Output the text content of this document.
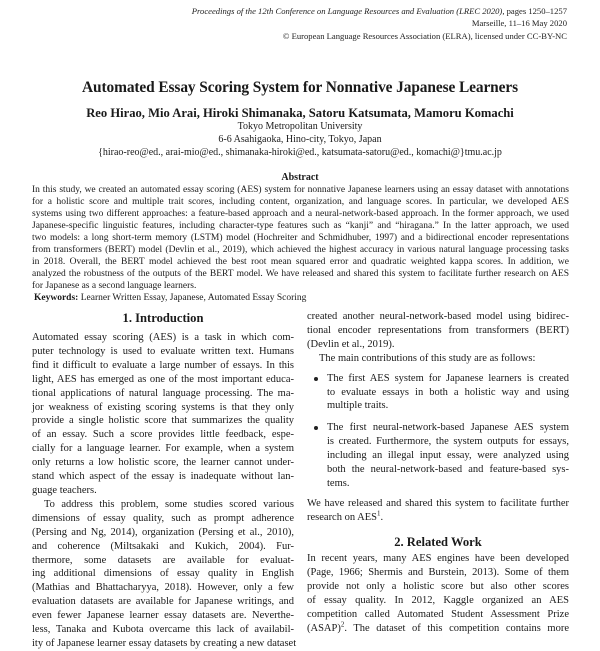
Proceedings of the 12th Conference on Language Resources and Evaluation (LREC 2020), pages 1250–1257
Marseille, 11–16 May 2020
© European Language Resources Association (ELRA), licensed under CC-BY-NC
Automated Essay Scoring System for Nonnative Japanese Learners
Reo Hirao, Mio Arai, Hiroki Shimanaka, Satoru Katsumata, Mamoru Komachi
Tokyo Metropolitan University
6-6 Asahigaoka, Hino-city, Tokyo, Japan
{hirao-reo@ed., arai-mio@ed., shimanaka-hiroki@ed., katsumata-satoru@ed., komachi@}tmu.ac.jp
Abstract
In this study, we created an automated essay scoring (AES) system for nonnative Japanese learners using an essay dataset with annotations
for a holistic score and multiple trait scores, including content, organization, and language scores. In particular, we developed AES
systems using two different approaches: a feature-based approach and a neural-network-based approach. In the former approach, we used
Japanese-specific linguistic features, including character-type features such as “kanji” and “hiragana.” In the latter approach, we used
two models: a long short-term memory (LSTM) model (Hochreiter and Schmidhuber, 1997) and a bidirectional encoder representations
from transformers (BERT) model (Devlin et al., 2019), which achieved the highest accuracy in various natural language processing tasks
in 2018. Overall, the BERT model achieved the best root mean squared error and quadratic weighted kappa scores. In addition, we
analyzed the robustness of the outputs of the BERT model. We have released and shared this system to facilitate further research on AES
for Japanese as a second language learners.
Keywords: Learner Written Essay, Japanese, Automated Essay Scoring
1. Introduction
Automated essay scoring (AES) is a task in which com-
puter technology is used to evaluate written text. Humans
find it difficult to evaluate a large number of essays. In this
light, AES has emerged as one of the most important educa-
tional applications of natural language processing. The ma-
jor weakness of existing scoring systems is that they only
provide a single holistic score that summarizes the quality
of an essay. Such a score provides little feedback, espe-
cially for a language learner. For example, when a system
only returns a low holistic score, the learner cannot under-
stand which aspect of the essay is inadequate without lan-
guage teachers.
To address this problem, some studies scored various
dimensions of essay quality, such as prompt adherence
(Persing and Ng, 2014), organization (Persing et al., 2010),
and coherence (Miltsakaki and Kukich, 2004). Fur-
thermore, some datasets are available for evaluat-
ing additional dimensions of essay quality in English
(Mathias and Bhattacharyya, 2018). However, only a few
evaluation datasets are available for Japanese writings, and
even fewer Japanese learner essay datasets are. Neverthe-
less, Tanaka and Kubota overcame this lack of availabil-
ity of Japanese learner essay datasets by creating a new dataset
created another neural-network-based model using bidirec-
tional encoder representations from transformers (BERT)
(Devlin et al., 2019).
The main contributions of this study are as follows:
The first AES system for Japanese learners is created
to evaluate essays in both a holistic way and using
multiple traits.
The first neural-network-based Japanese AES system
is created. Furthermore, the system outputs for essays,
including an illegal input essay, were analyzed using
both the neural-network-based and feature-based sys-
tems.
We have released and shared this system to facilitate further
research on AES$^1$.
2. Related Work
In recent years, many AES engines have been developed
(Page, 1966; Shermis and Burstein, 2013). Some of them
provide not only a holistic score but also other scores
of essay quality. In 2012, Kaggle organized an AES
competition called Automated Student Assessment Prize
(ASAP)$^2$. The dataset of this competition contains more
